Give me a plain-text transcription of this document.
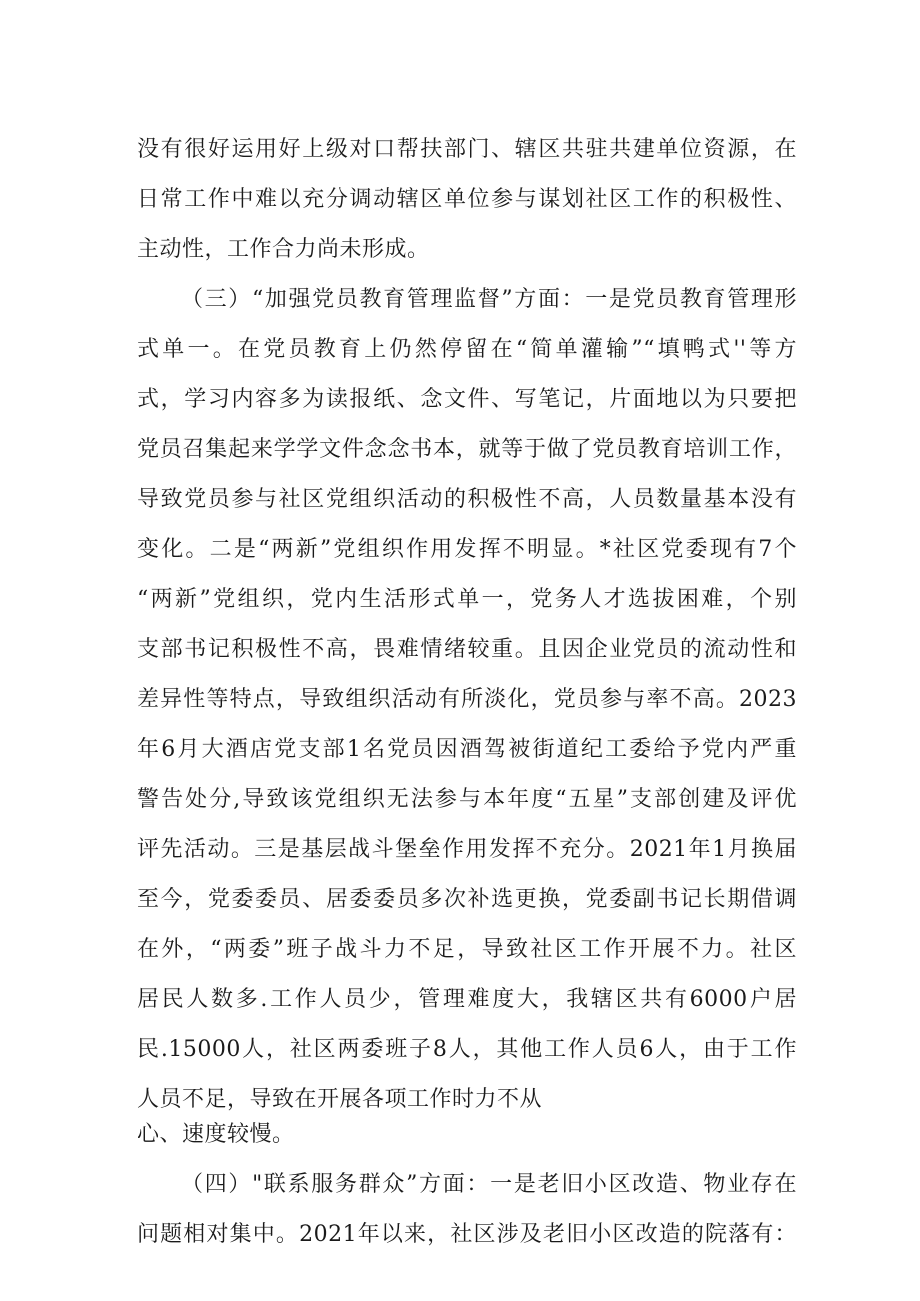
没有很好运用好上级对口帮扶部门、辖区共驻共建单位资源，在

日常工作中难以充分调动辖区单位参与谋划社区工作的积极性、

主动性，工作合力尚未形成。

（三）“加强党员教育管理监督”方面：一是党员教育管理形

式单一。在党员教育上仍然停留在“简单灌输”“填鸭式''等方

式，学习内容多为读报纸、念文件、写笔记，片面地以为只要把

党员召集起来学学文件念念书本，就等于做了党员教育培训工作，

导致党员参与社区党组织活动的积极性不高，人员数量基本没有

变化。二是“两新”党组织作用发挥不明显。*社区党委现有7个

“两新”党组织，党内生活形式单一，党务人才选拔困难，个别

支部书记积极性不高，畏难情绪较重。且因企业党员的流动性和

差异性等特点，导致组织活动有所淡化，党员参与率不高。2023

年6月大酒店党支部1名党员因酒驾被街道纪工委给予党内严重

警告处分,导致该党组织无法参与本年度“五星”支部创建及评优

评先活动。三是基层战斗堡垒作用发挥不充分。2021年1月换届

至今，党委委员、居委委员多次补选更换，党委副书记长期借调

在外，“两委”班子战斗力不足，导致社区工作开展不力。社区

居民人数多.工作人员少，管理难度大，我辖区共有6000户居

民.15000人，社区两委班子8人，其他工作人员6人，由于工作

人员不足，导致在开展各项工作时力不从

心、速度较慢。

（四）"联系服务群众”方面：一是老旧小区改造、物业存在

问题相对集中。2021年以来，社区涉及老旧小区改造的院落有：
